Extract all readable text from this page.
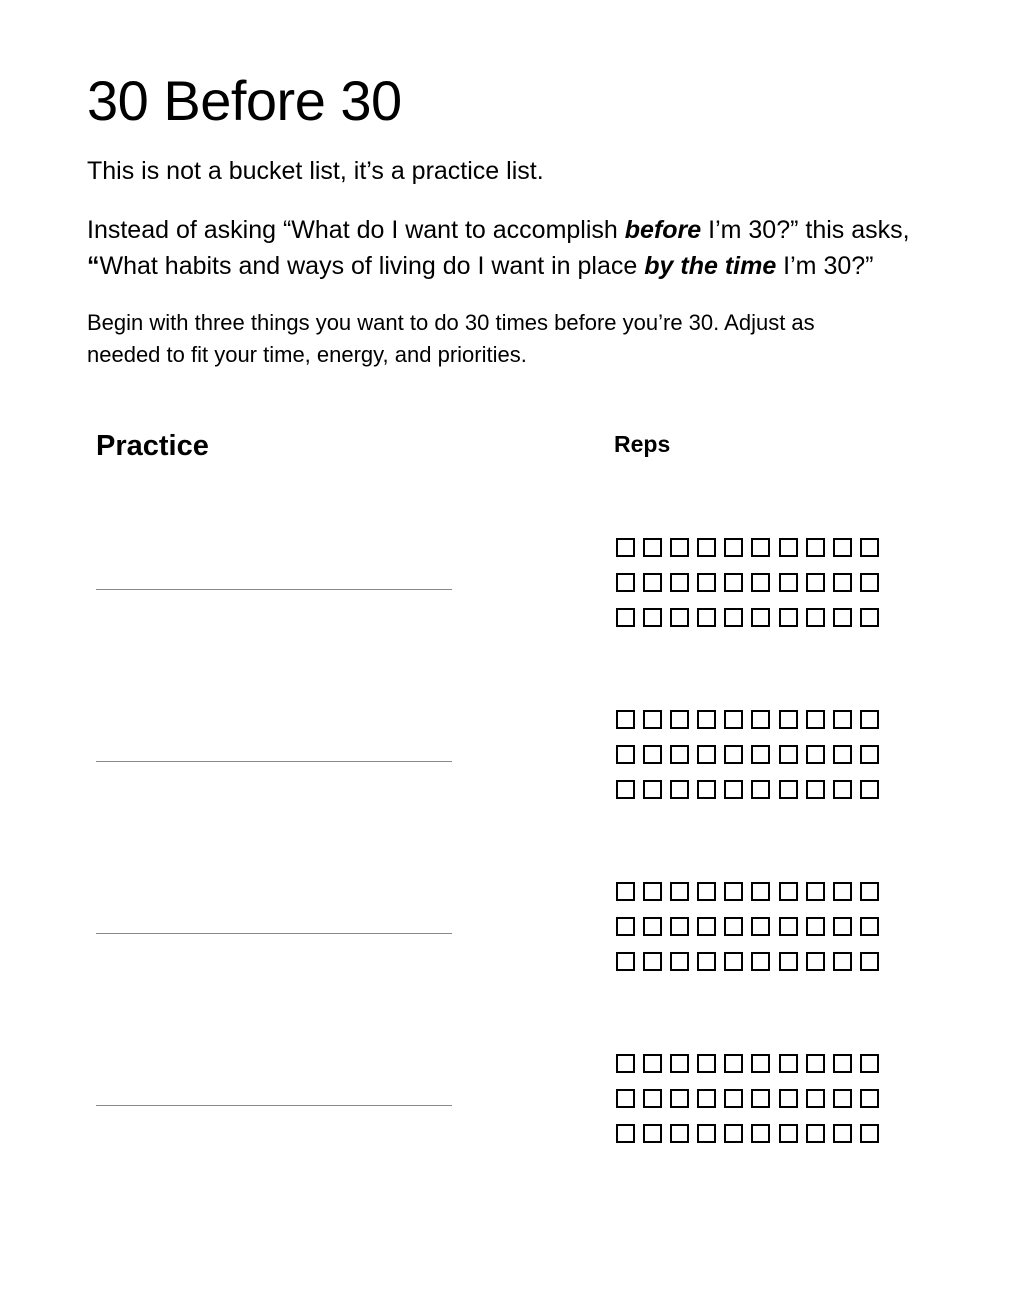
30 Before 30

This is not a bucket list, it’s a practice list.

Instead of asking “What do I want to accomplish before I’m 30?” this asks,
“What habits and ways of living do I want in place by the time I’m 30?”

Begin with three things you want to do 30 times before you’re 30. Adjust as
needed to fit your time, energy, and priorities.

Practice	Reps
